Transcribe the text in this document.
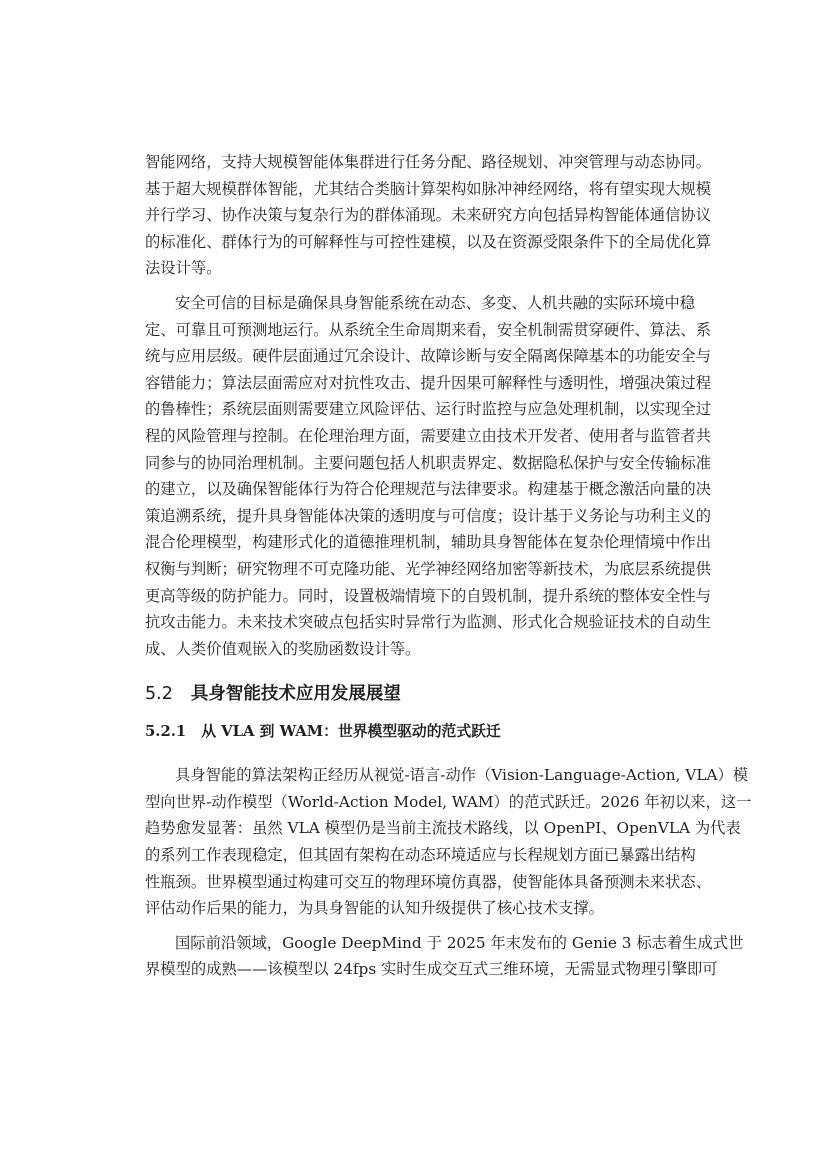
智能网络，支持大规模智能体集群进行任务分配、路径规划、冲突管理与动态协同。
基于超大规模群体智能，尤其结合类脑计算架构如脉冲神经网络，将有望实现大规模
并行学习、协作决策与复杂行为的群体涌现。未来研究方向包括异构智能体通信协议
的标准化、群体行为的可解释性与可控性建模，以及在资源受限条件下的全局优化算
法设计等。
安全可信的目标是确保具身智能系统在动态、多变、人机共融的实际环境中稳
定、可靠且可预测地运行。从系统全生命周期来看，安全机制需贯穿硬件、算法、系
统与应用层级。硬件层面通过冗余设计、故障诊断与安全隔离保障基本的功能安全与
容错能力；算法层面需应对对抗性攻击、提升因果可解释性与透明性，增强决策过程
的鲁棒性；系统层面则需要建立风险评估、运行时监控与应急处理机制，以实现全过
程的风险管理与控制。在伦理治理方面，需要建立由技术开发者、使用者与监管者共
同参与的协同治理机制。主要问题包括人机职责界定、数据隐私保护与安全传输标准
的建立，以及确保智能体行为符合伦理规范与法律要求。构建基于概念激活向量的决
策追溯系统，提升具身智能体决策的透明度与可信度；设计基于义务论与功利主义的
混合伦理模型，构建形式化的道德推理机制，辅助具身智能体在复杂伦理情境中作出
权衡与判断；研究物理不可克隆功能、光学神经网络加密等新技术，为底层系统提供
更高等级的防护能力。同时，设置极端情境下的自毁机制，提升系统的整体安全性与
抗攻击能力。未来技术突破点包括实时异常行为监测、形式化合规验证技术的自动生
成、人类价值观嵌入的奖励函数设计等。
5.2 具身智能技术应用发展展望
5.2.1 从 VLA 到 WAM：世界模型驱动的范式跃迁
具身智能的算法架构正经历从视觉-语言-动作（Vision-Language-Action, VLA）模
型向世界-动作模型（World-Action Model, WAM）的范式跃迁。2026 年初以来，这一
趋势愈发显著：虽然 VLA 模型仍是当前主流技术路线，以 OpenPI、OpenVLA 为代表
的系列工作表现稳定，但其固有架构在动态环境适应与长程规划方面已暴露出结构
性瓶颈。世界模型通过构建可交互的物理环境仿真器，使智能体具备预测未来状态、
评估动作后果的能力，为具身智能的认知升级提供了核心技术支撑。
国际前沿领域，Google DeepMind 于 2025 年末发布的 Genie 3 标志着生成式世
界模型的成熟——该模型以 24fps 实时生成交互式三维环境，无需显式物理引擎即可
